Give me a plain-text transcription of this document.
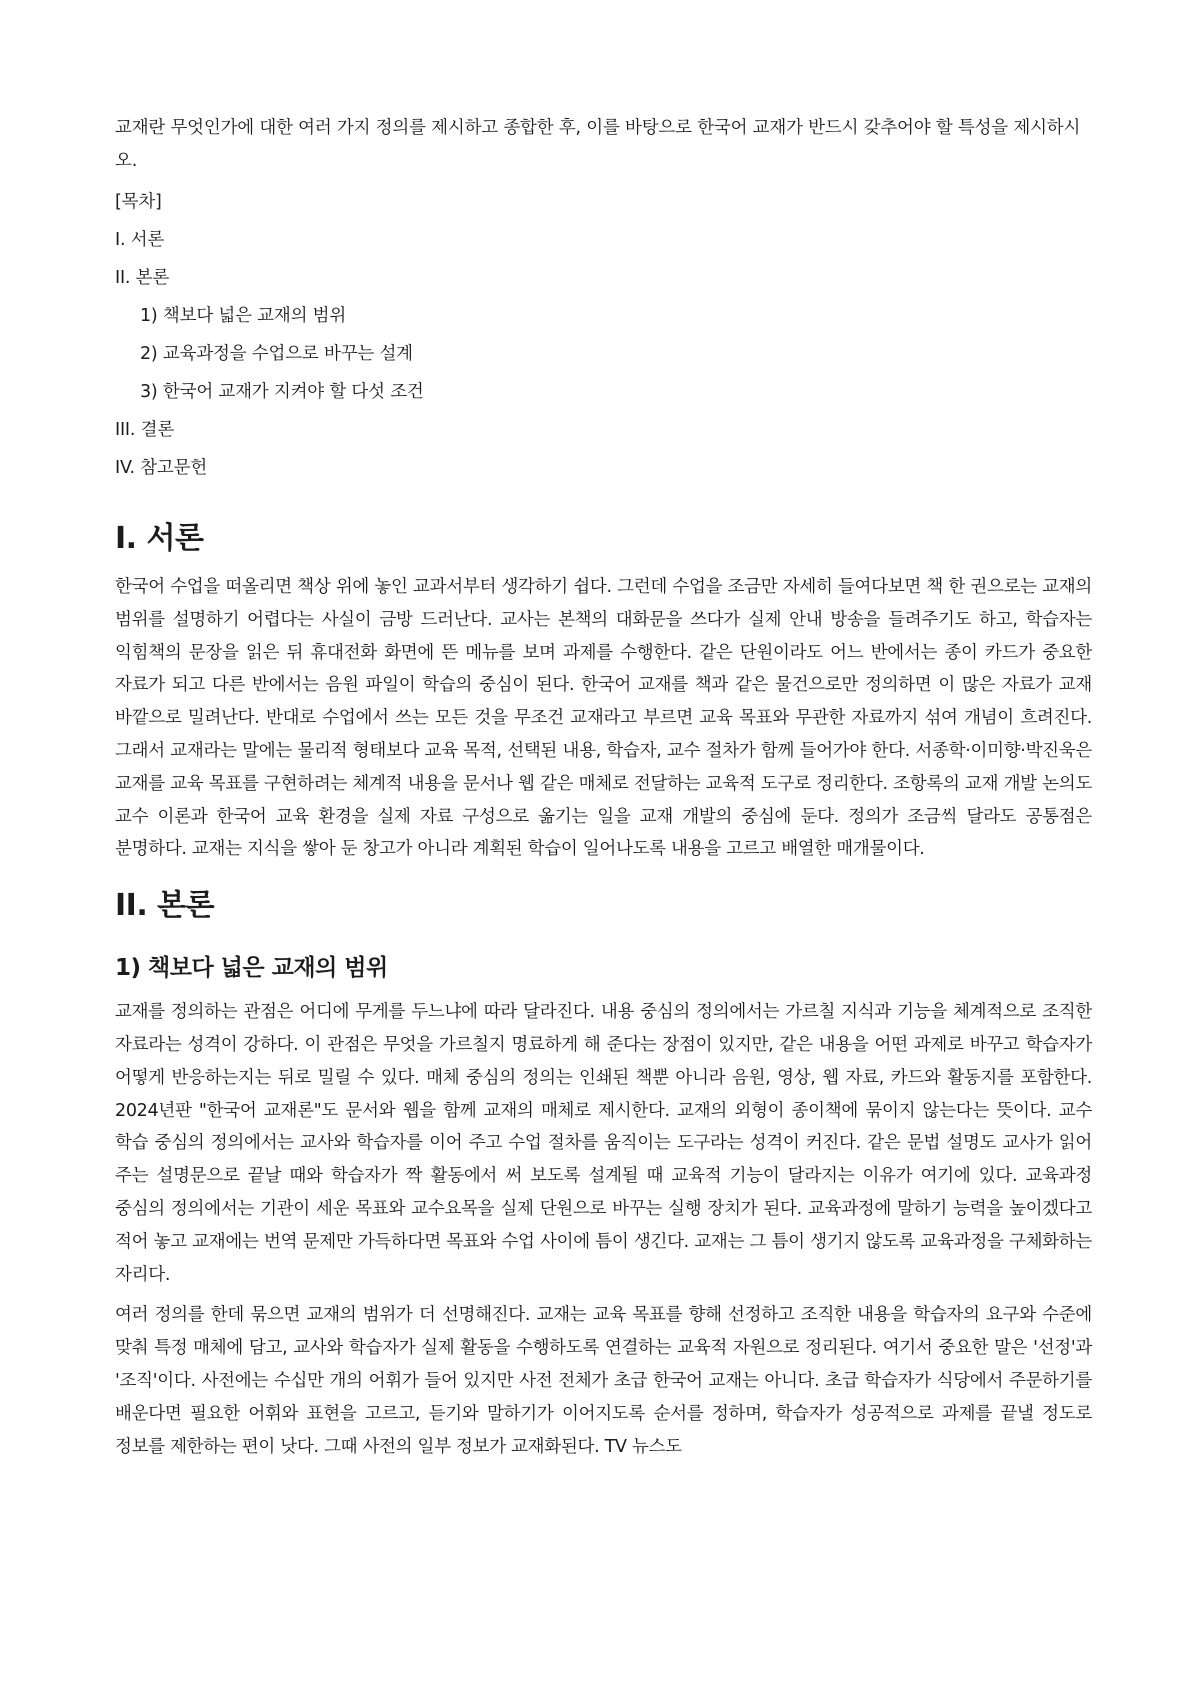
교재란 무엇인가에 대한 여러 가지 정의를 제시하고 종합한 후, 이를 바탕으로 한국어 교재가 반드시 갖추어야 할 특성을 제시하시오.

[목차]
I. 서론
II. 본론
1) 책보다 넓은 교재의 범위
2) 교육과정을 수업으로 바꾸는 설계
3) 한국어 교재가 지켜야 할 다섯 조건
III. 결론
IV. 참고문헌
I. 서론

한국어 수업을 떠올리면 책상 위에 놓인 교과서부터 생각하기 쉽다. 그런데 수업을 조금만 자세히 들여다보면 책 한 권으로는 교재의 범위를 설명하기 어렵다는 사실이 금방 드러난다. 교사는 본책의 대화문을 쓰다가 실제 안내 방송을 들려주기도 하고, 학습자는 익힘책의 문장을 읽은 뒤 휴대전화 화면에 뜬 메뉴를 보며 과제를 수행한다. 같은 단원이라도 어느 반에서는 종이 카드가 중요한 자료가 되고 다른 반에서는 음원 파일이 학습의 중심이 된다. 한국어 교재를 책과 같은 물건으로만 정의하면 이 많은 자료가 교재 바깥으로 밀려난다. 반대로 수업에서 쓰는 모든 것을 무조건 교재라고 부르면 교육 목표와 무관한 자료까지 섞여 개념이 흐려진다. 그래서 교재라는 말에는 물리적 형태보다 교육 목적, 선택된 내용, 학습자, 교수 절차가 함께 들어가야 한다. 서종학·이미향·박진욱은 교재를 교육 목표를 구현하려는 체계적 내용을 문서나 웹 같은 매체로 전달하는 교육적 도구로 정리한다. 조항록의 교재 개발 논의도 교수 이론과 한국어 교육 환경을 실제 자료 구성으로 옮기는 일을 교재 개발의 중심에 둔다. 정의가 조금씩 달라도 공통점은 분명하다. 교재는 지식을 쌓아 둔 창고가 아니라 계획된 학습이 일어나도록 내용을 고르고 배열한 매개물이다.

II. 본론
1) 책보다 넓은 교재의 범위

교재를 정의하는 관점은 어디에 무게를 두느냐에 따라 달라진다. 내용 중심의 정의에서는 가르칠 지식과 기능을 체계적으로 조직한 자료라는 성격이 강하다. 이 관점은 무엇을 가르칠지 명료하게 해 준다는 장점이 있지만, 같은 내용을 어떤 과제로 바꾸고 학습자가 어떻게 반응하는지는 뒤로 밀릴 수 있다. 매체 중심의 정의는 인쇄된 책뿐 아니라 음원, 영상, 웹 자료, 카드와 활동지를 포함한다. 2024년판 "한국어 교재론"도 문서와 웹을 함께 교재의 매체로 제시한다. 교재의 외형이 종이책에 묶이지 않는다는 뜻이다. 교수 학습 중심의 정의에서는 교사와 학습자를 이어 주고 수업 절차를 움직이는 도구라는 성격이 커진다. 같은 문법 설명도 교사가 읽어 주는 설명문으로 끝날 때와 학습자가 짝 활동에서 써 보도록 설계될 때 교육적 기능이 달라지는 이유가 여기에 있다. 교육과정 중심의 정의에서는 기관이 세운 목표와 교수요목을 실제 단원으로 바꾸는 실행 장치가 된다. 교육과정에 말하기 능력을 높이겠다고 적어 놓고 교재에는 번역 문제만 가득하다면 목표와 수업 사이에 틈이 생긴다. 교재는 그 틈이 생기지 않도록 교육과정을 구체화하는 자리다.

여러 정의를 한데 묶으면 교재의 범위가 더 선명해진다. 교재는 교육 목표를 향해 선정하고 조직한 내용을 학습자의 요구와 수준에 맞춰 특정 매체에 담고, 교사와 학습자가 실제 활동을 수행하도록 연결하는 교육적 자원으로 정리된다. 여기서 중요한 말은 '선정'과 '조직'이다. 사전에는 수십만 개의 어휘가 들어 있지만 사전 전체가 초급 한국어 교재는 아니다. 초급 학습자가 식당에서 주문하기를 배운다면 필요한 어휘와 표현을 고르고, 듣기와 말하기가 이어지도록 순서를 정하며, 학습자가 성공적으로 과제를 끝낼 정도로 정보를 제한하는 편이 낫다. 그때 사전의 일부 정보가 교재화된다. TV 뉴스도
